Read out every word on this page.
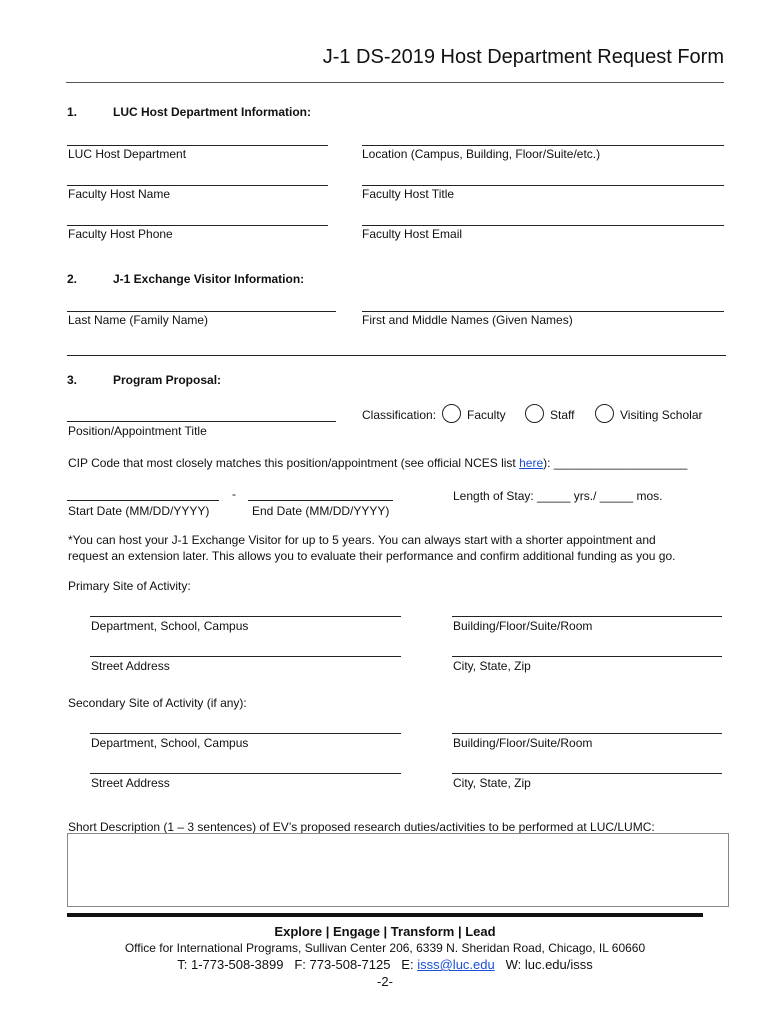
J-1 DS-2019 Host Department Request Form
1.	LUC Host Department Information:
LUC Host Department	Location (Campus, Building, Floor/Suite/etc.)
Faculty Host Name	Faculty Host Title
Faculty Host Phone	Faculty Host Email
2.	J-1 Exchange Visitor Information:
Last Name (Family Name)	First and Middle Names (Given Names)
3.	Program Proposal:
Position/Appointment Title
Classification:	Faculty	Staff	Visiting Scholar
CIP Code that most closely matches this position/appointment (see official NCES list here): ____________________
-
Start Date (MM/DD/YYYY)	End Date (MM/DD/YYYY)
Length of Stay: _____ yrs./ _____ mos.
*You can host your J-1 Exchange Visitor for up to 5 years. You can always start with a shorter appointment and
request an extension later. This allows you to evaluate their performance and confirm additional funding as you go.
Primary Site of Activity:
Department, School, Campus	Building/Floor/Suite/Room
Street Address	City, State, Zip
Secondary Site of Activity (if any):
Department, School, Campus	Building/Floor/Suite/Room
Street Address	City, State, Zip
Short Description (1 – 3 sentences) of EV’s proposed research duties/activities to be performed at LUC/LUMC:
Explore | Engage | Transform | Lead
Office for International Programs, Sullivan Center 206, 6339 N. Sheridan Road, Chicago, IL 60660
T: 1-773-508-3899 F: 773-508-7125 E: isss@luc.edu W: luc.edu/isss
-2-
